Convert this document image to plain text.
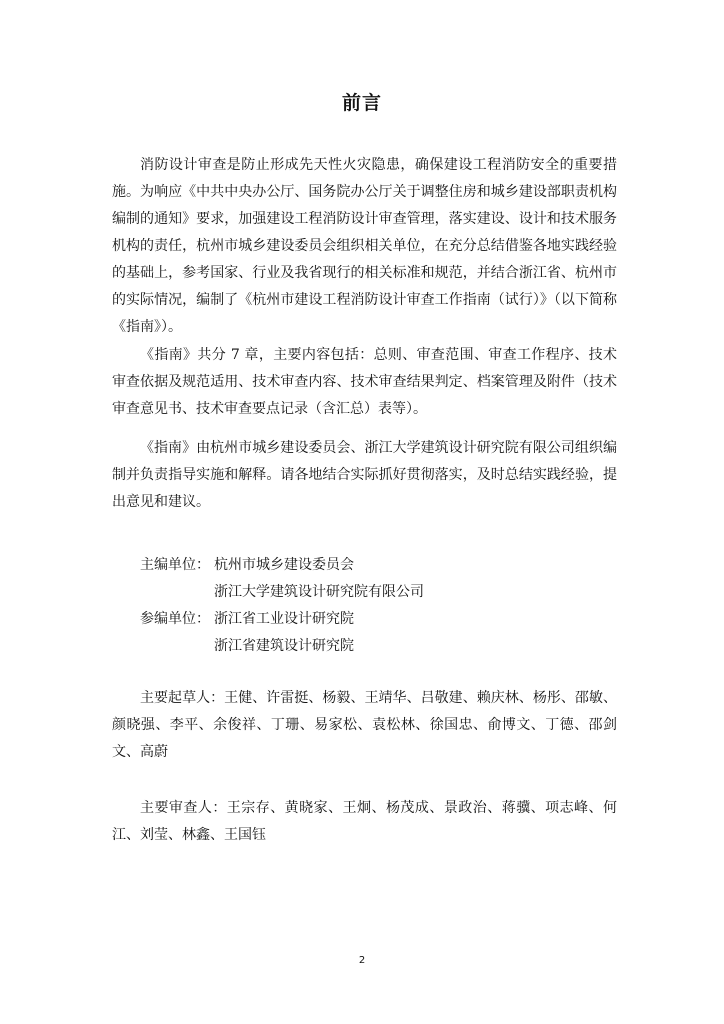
前言

消防设计审查是防止形成先天性火灾隐患，确保建设工程消防安全的重要措施。为响应《中共中央办公厅、国务院办公厅关于调整住房和城乡建设部职责机构编制的通知》要求，加强建设工程消防设计审查管理，落实建设、设计和技术服务机构的责任，杭州市城乡建设委员会组织相关单位，在充分总结借鉴各地实践经验的基础上，参考国家、行业及我省现行的相关标准和规范，并结合浙江省、杭州市的实际情况，编制了《杭州市建设工程消防设计审查工作指南（试行）》（以下简称《指南》）。

《指南》共分 7 章，主要内容包括：总则、审查范围、审查工作程序、技术审查依据及规范适用、技术审查内容、技术审查结果判定、档案管理及附件（技术审查意见书、技术审查要点记录（含汇总）表等）。

《指南》由杭州市城乡建设委员会、浙江大学建筑设计研究院有限公司组织编制并负责指导实施和解释。请各地结合实际抓好贯彻落实，及时总结实践经验，提出意见和建议。

主编单位： 杭州市城乡建设委员会
浙江大学建筑设计研究院有限公司
参编单位： 浙江省工业设计研究院
浙江省建筑设计研究院

主要起草人：王健、许雷挺、杨毅、王靖华、吕敬建、赖庆林、杨彤、邵敏、颜晓强、李平、余俊祥、丁珊、易家松、袁松林、徐国忠、俞博文、丁德、邵剑文、高蔚

主要审查人：王宗存、黄晓家、王炯、杨茂成、景政治、蒋骥、项志峰、何江、刘莹、林鑫、王国钰

2
